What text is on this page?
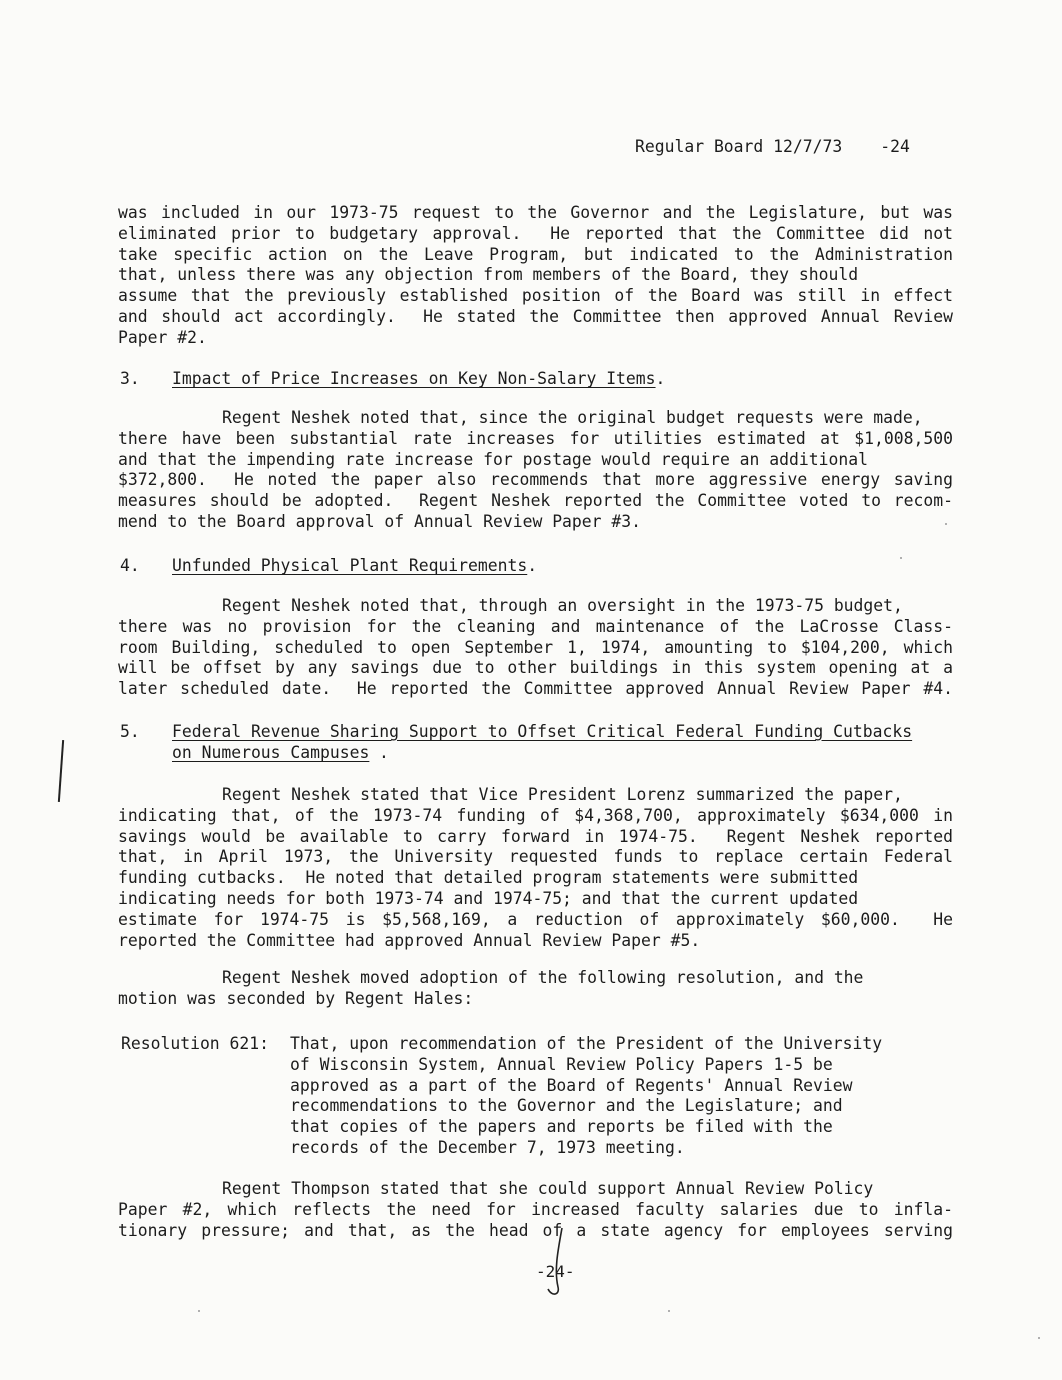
Regular Board 12/7/73 -24
was included in our 1973-75 request to the Governor and the Legislature, but was
eliminated prior to budgetary approval.  He reported that the Committee did not
take specific action on the Leave Program, but indicated to the Administration
that, unless there was any objection from members of the Board, they should
assume that the previously established position of the Board was still in effect
and should act accordingly.  He stated the Committee then approved Annual Review
Paper #2.
3. Impact of Price Increases on Key Non-Salary Items.
Regent Neshek noted that, since the original budget requests were made,
there have been substantial rate increases for utilities estimated at $1,008,500
and that the impending rate increase for postage would require an additional
$372,800.  He noted the paper also recommends that more aggressive energy saving
measures should be adopted.  Regent Neshek reported the Committee voted to recom-
mend to the Board approval of Annual Review Paper #3.
4. Unfunded Physical Plant Requirements.
Regent Neshek noted that, through an oversight in the 1973-75 budget,
there was no provision for the cleaning and maintenance of the LaCrosse Class-
room Building, scheduled to open September 1, 1974, amounting to $104,200, which
will be offset by any savings due to other buildings in this system opening at a
later scheduled date.  He reported the Committee approved Annual Review Paper #4.
5. Federal Revenue Sharing Support to Offset Critical Federal Funding Cutbacks
on Numerous Campuses .
Regent Neshek stated that Vice President Lorenz summarized the paper,
indicating that, of the 1973-74 funding of $4,368,700, approximately $634,000 in
savings would be available to carry forward in 1974-75.  Regent Neshek reported
that, in April 1973, the University requested funds to replace certain Federal
funding cutbacks.  He noted that detailed program statements were submitted
indicating needs for both 1973-74 and 1974-75; and that the current updated
estimate for 1974-75 is $5,568,169, a reduction of approximately $60,000.  He
reported the Committee had approved Annual Review Paper #5.
Regent Neshek moved adoption of the following resolution, and the
motion was seconded by Regent Hales:
Resolution 621: That, upon recommendation of the President of the University
of Wisconsin System, Annual Review Policy Papers 1-5 be
approved as a part of the Board of Regents' Annual Review
recommendations to the Governor and the Legislature; and
that copies of the papers and reports be filed with the
records of the December 7, 1973 meeting.
Regent Thompson stated that she could support Annual Review Policy
Paper #2, which reflects the need for increased faculty salaries due to infla-
tionary pressure; and that, as the head of a state agency for employees serving
-24-
